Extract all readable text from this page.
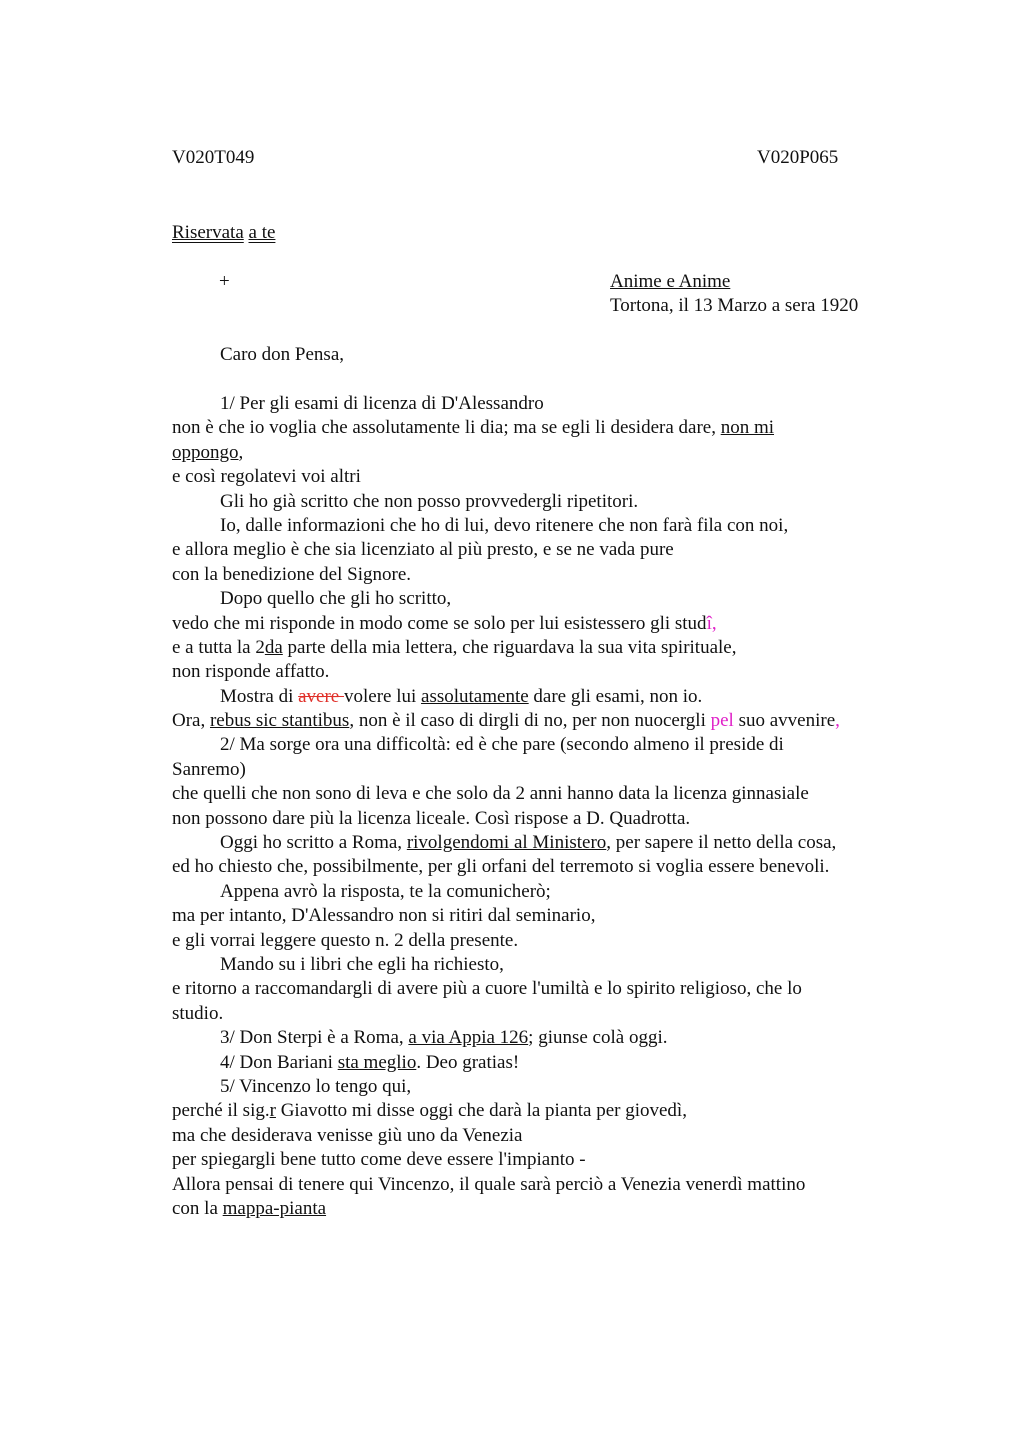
V020T049	V020P065
Riservata a te
+	Anime e Anime
Tortona, il 13 Marzo a sera 1920
Caro don Pensa,
1/ Per gli esami di licenza di D'Alessandro
non è che io voglia che assolutamente li dia; ma se egli li desidera dare, non mi
oppongo,
e così regolatevi voi altri
Gli ho già scritto che non posso provvedergli ripetitori.
Io, dalle informazioni che ho di lui, devo ritenere che non farà fila con noi,
e allora meglio è che sia licenziato al più presto, e se ne vada pure
con la benedizione del Signore.
Dopo quello che gli ho scritto,
vedo che mi risponde in modo come se solo per lui esistessero gli studî,
e a tutta la 2da parte della mia lettera, che riguardava la sua vita spirituale,
non risponde affatto.
Mostra di avere volere lui assolutamente dare gli esami, non io.
Ora, rebus sic stantibus, non è il caso di dirgli di no, per non nuocergli pel suo avvenire,
2/ Ma sorge ora una difficoltà: ed è che pare (secondo almeno il preside di
Sanremo)
che quelli che non sono di leva e che solo da 2 anni hanno data la licenza ginnasiale
non possono dare più la licenza liceale. Così rispose a D. Quadrotta.
Oggi ho scritto a Roma, rivolgendomi al Ministero, per sapere il netto della cosa,
ed ho chiesto che, possibilmente, per gli orfani del terremoto si voglia essere benevoli.
Appena avrò la risposta, te la comunicherò;
ma per intanto, D'Alessandro non si ritiri dal seminario,
e gli vorrai leggere questo n. 2 della presente.
Mando su i libri che egli ha richiesto,
e ritorno a raccomandargli di avere più a cuore l'umiltà e lo spirito religioso, che lo
studio.
3/ Don Sterpi è a Roma, a via Appia 126; giunse colà oggi.
4/ Don Bariani sta meglio. Deo gratias!
5/ Vincenzo lo tengo qui,
perché il sig.r Giavotto mi disse oggi che darà la pianta per giovedì,
ma che desiderava venisse giù uno da Venezia
per spiegargli bene tutto come deve essere l'impianto -
Allora pensai di tenere qui Vincenzo, il quale sarà perciò a Venezia venerdì mattino
con la mappa-pianta
